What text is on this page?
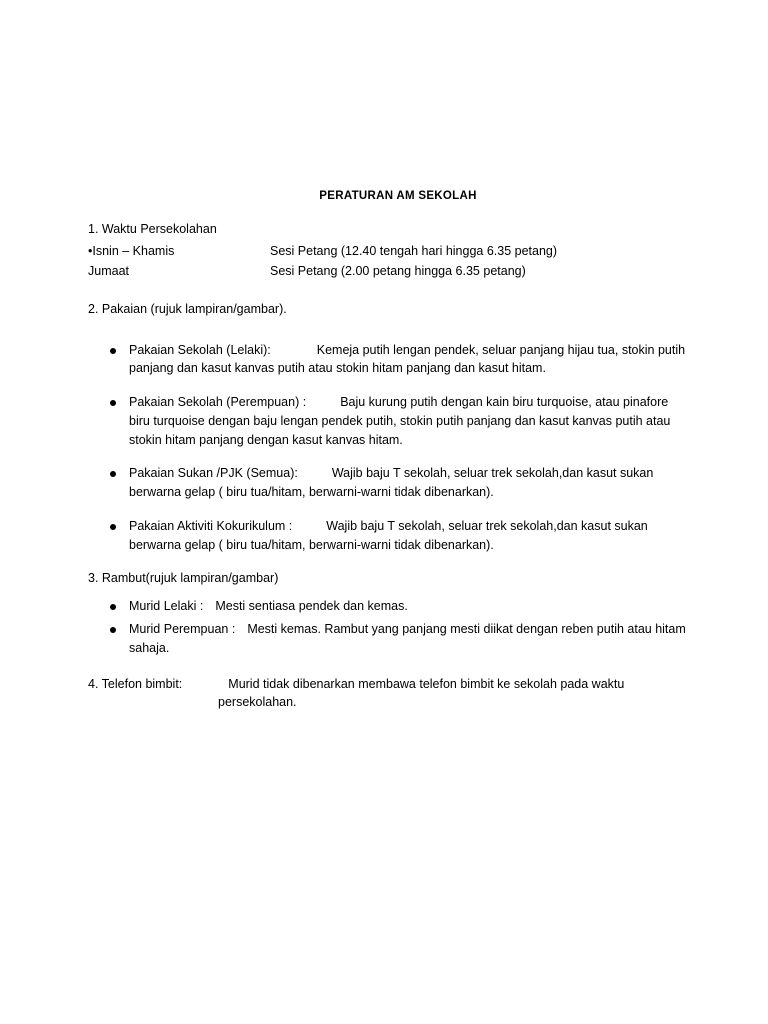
PERATURAN AM SEKOLAH
1. Waktu Persekolahan
•Isnin – Khamis	Sesi Petang (12.40 tengah hari hingga 6.35 petang)
Jumaat	Sesi Petang (2.00 petang hingga 6.35 petang)
2. Pakaian (rujuk lampiran/gambar).
Pakaian Sekolah (Lelaki):	Kemeja putih lengan pendek, seluar panjang hijau tua, stokin putih panjang dan kasut kanvas putih atau stokin hitam panjang dan kasut hitam.
Pakaian Sekolah (Perempuan) :	Baju kurung putih dengan kain biru turquoise, atau pinafore biru turquoise dengan baju lengan pendek putih, stokin putih panjang dan kasut kanvas putih atau stokin hitam panjang dengan kasut kanvas hitam.
Pakaian Sukan /PJK (Semua):	Wajib baju T sekolah, seluar trek sekolah,dan kasut sukan berwarna gelap ( biru tua/hitam, berwarni-warni tidak dibenarkan).
Pakaian Aktiviti Kokurikulum :	Wajib baju T sekolah, seluar trek sekolah,dan kasut sukan berwarna gelap ( biru tua/hitam, berwarni-warni tidak dibenarkan).
3. Rambut(rujuk lampiran/gambar)
Murid Lelaki : Mesti sentiasa pendek dan kemas.
Murid Perempuan : Mesti kemas. Rambut yang panjang mesti diikat dengan reben putih atau hitam sahaja.
4. Telefon bimbit:	Murid tidak dibenarkan membawa telefon bimbit ke sekolah pada waktu
persekolahan.
